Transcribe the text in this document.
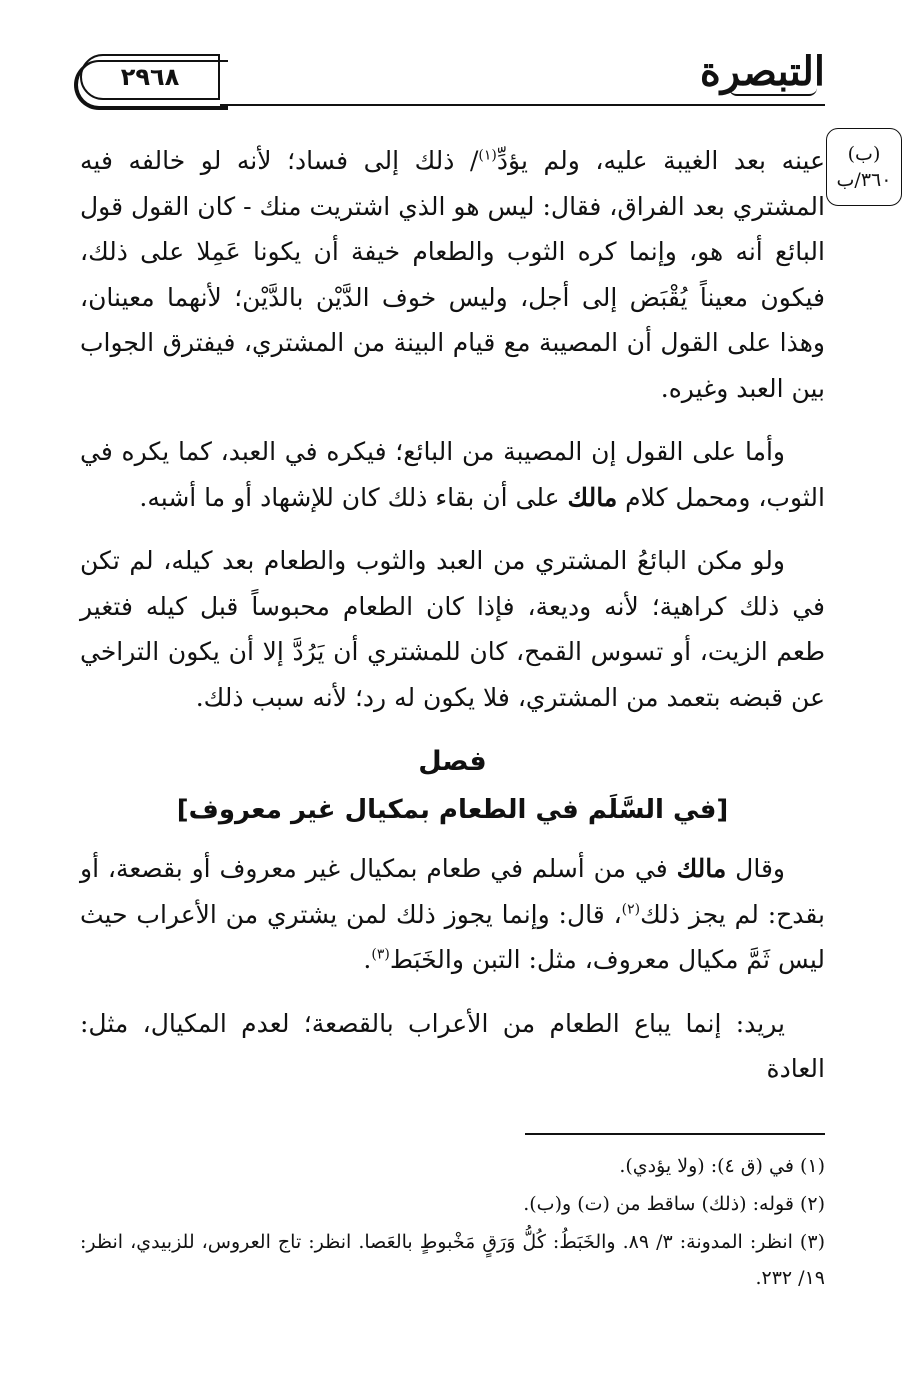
التبصرة
٢٩٦٨
(ب)
٣٦٠/ب

عينه بعد الغيبة عليه، ولم يؤدِّ$^{(١)}$/ ذلك إلى فساد؛ لأنه لو خالفه فيه المشتري بعد الفراق، فقال: ليس هو الذي اشتريت منك - كان القول قول البائع أنه هو، وإنما كره الثوب والطعام خيفة أن يكونا عَمِلا على ذلك، فيكون معيناً يُقْبَض إلى أجل، وليس خوف الدَّيْن بالدَّيْن؛ لأنهما معينان، وهذا على القول أن المصيبة مع قيام البينة من المشتري، فيفترق الجواب بين العبد وغيره.

وأما على القول إن المصيبة من البائع؛ فيكره في العبد، كما يكره في الثوب، ومحمل كلام مالك على أن بقاء ذلك كان للإشهاد أو ما أشبه.

ولو مكن البائعُ المشتري من العبد والثوب والطعام بعد كيله، لم تكن في ذلك كراهية؛ لأنه وديعة، فإذا كان الطعام محبوساً قبل كيله فتغير طعم الزيت، أو تسوس القمح، كان للمشتري أن يَرُدَّ إلا أن يكون التراخي عن قبضه بتعمد من المشتري، فلا يكون له رد؛ لأنه سبب ذلك.

فصل
[في السَّلَم في الطعام بمكيال غير معروف]

وقال مالك في من أسلم في طعام بمكيال غير معروف أو بقصعة، أو بقدح: لم يجز ذلك$^{(٢)}$، قال: وإنما يجوز ذلك لمن يشتري من الأعراب حيث ليس ثَمَّ مكيال معروف، مثل: التبن والخَبَط$^{(٣)}$.

يريد: إنما يباع الطعام من الأعراب بالقصعة؛ لعدم المكيال، مثل: العادة

(١) في (ق ٤): (ولا يؤدي).

(٢) قوله: (ذلك) ساقط من (ت) و(ب).

(٣) انظر: المدونة: ٣/ ٨٩. والخَبَطُ: كُلُّ وَرَقٍ مَخْبوطٍ بالعَصا. انظر: تاج العروس، للزبيدي، انظر: ١٩/ ٢٣٢.
